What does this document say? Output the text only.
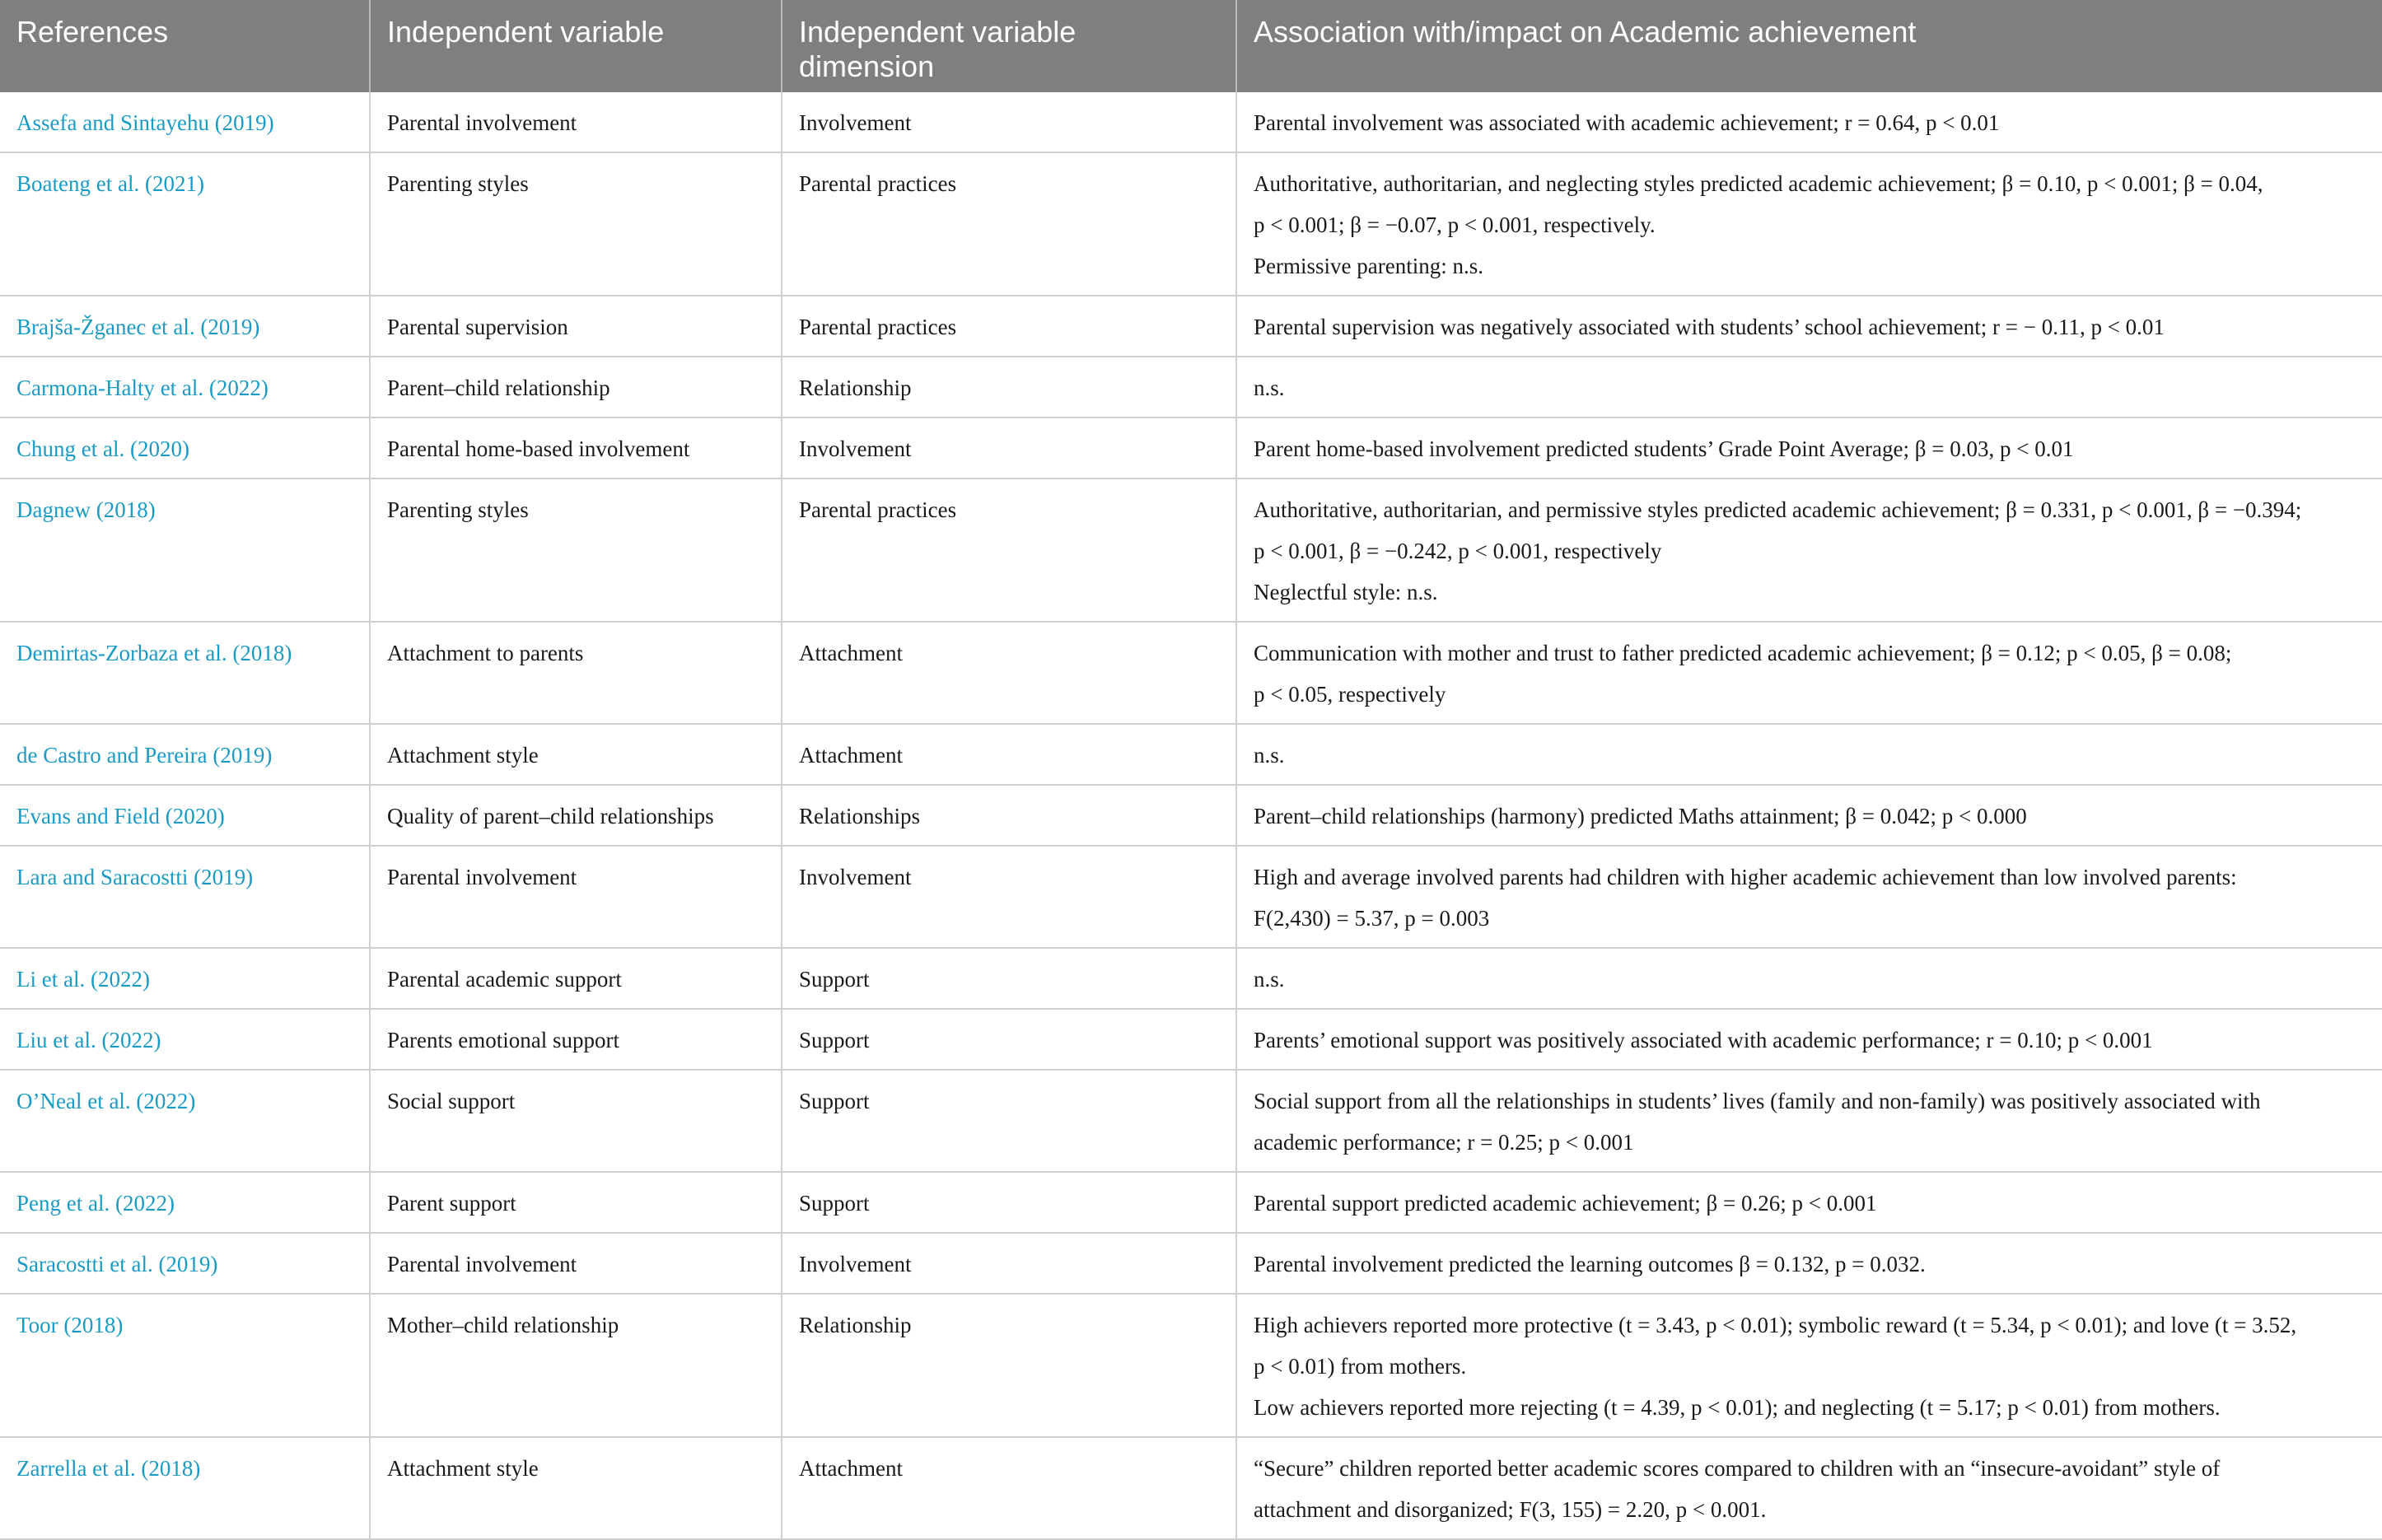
References	Independent variable	Independent variable dimension	Association with/impact on Academic achievement
Assefa and Sintayehu (2019)	Parental involvement	Involvement	Parental involvement was associated with academic achievement; r = 0.64, p < 0.01

Boateng et al. (2021)	Parenting styles	Parental practices	Authoritative, authoritarian, and neglecting styles predicted academic achievement; β = 0.10, p < 0.001; β = 0.04,
p < 0.001; β = −0.07, p < 0.001, respectively.
Permissive parenting: n.s.

Brajša-Žganec et al. (2019)	Parental supervision	Parental practices	Parental supervision was negatively associated with students’ school achievement; r = − 0.11, p < 0.01

Carmona-Halty et al. (2022)	Parent–child relationship	Relationship	n.s.

Chung et al. (2020)	Parental home-based involvement	Involvement	Parent home-based involvement predicted students’ Grade Point Average; β = 0.03, p < 0.01

Dagnew (2018)	Parenting styles	Parental practices	Authoritative, authoritarian, and permissive styles predicted academic achievement; β = 0.331, p < 0.001, β = −0.394;
p < 0.001, β = −0.242, p < 0.001, respectively
Neglectful style: n.s.

Demirtas-Zorbaza et al. (2018)	Attachment to parents	Attachment	Communication with mother and trust to father predicted academic achievement; β = 0.12; p < 0.05, β = 0.08;
p < 0.05, respectively

de Castro and Pereira (2019)	Attachment style	Attachment	n.s.

Evans and Field (2020)	Quality of parent–child relationships	Relationships	Parent–child relationships (harmony) predicted Maths attainment; β = 0.042; p < 0.000

Lara and Saracostti (2019)	Parental involvement	Involvement	High and average involved parents had children with higher academic achievement than low involved parents:
F(2,430) = 5.37, p = 0.003

Li et al. (2022)	Parental academic support	Support	n.s.

Liu et al. (2022)	Parents emotional support	Support	Parents’ emotional support was positively associated with academic performance; r = 0.10; p < 0.001

O’Neal et al. (2022)	Social support	Support	Social support from all the relationships in students’ lives (family and non-family) was positively associated with
academic performance; r = 0.25; p < 0.001

Peng et al. (2022)	Parent support	Support	Parental support predicted academic achievement; β = 0.26; p < 0.001

Saracostti et al. (2019)	Parental involvement	Involvement	Parental involvement predicted the learning outcomes β = 0.132, p = 0.032.

Toor (2018)	Mother–child relationship	Relationship	High achievers reported more protective (t = 3.43, p < 0.01); symbolic reward (t = 5.34, p < 0.01); and love (t = 3.52,
p < 0.01) from mothers.
Low achievers reported more rejecting (t = 4.39, p < 0.01); and neglecting (t = 5.17; p < 0.01) from mothers.

Zarrella et al. (2018)	Attachment style	Attachment	“Secure” children reported better academic scores compared to children with an “insecure-avoidant” style of
attachment and disorganized; F(3, 155) = 2.20, p < 0.001.
